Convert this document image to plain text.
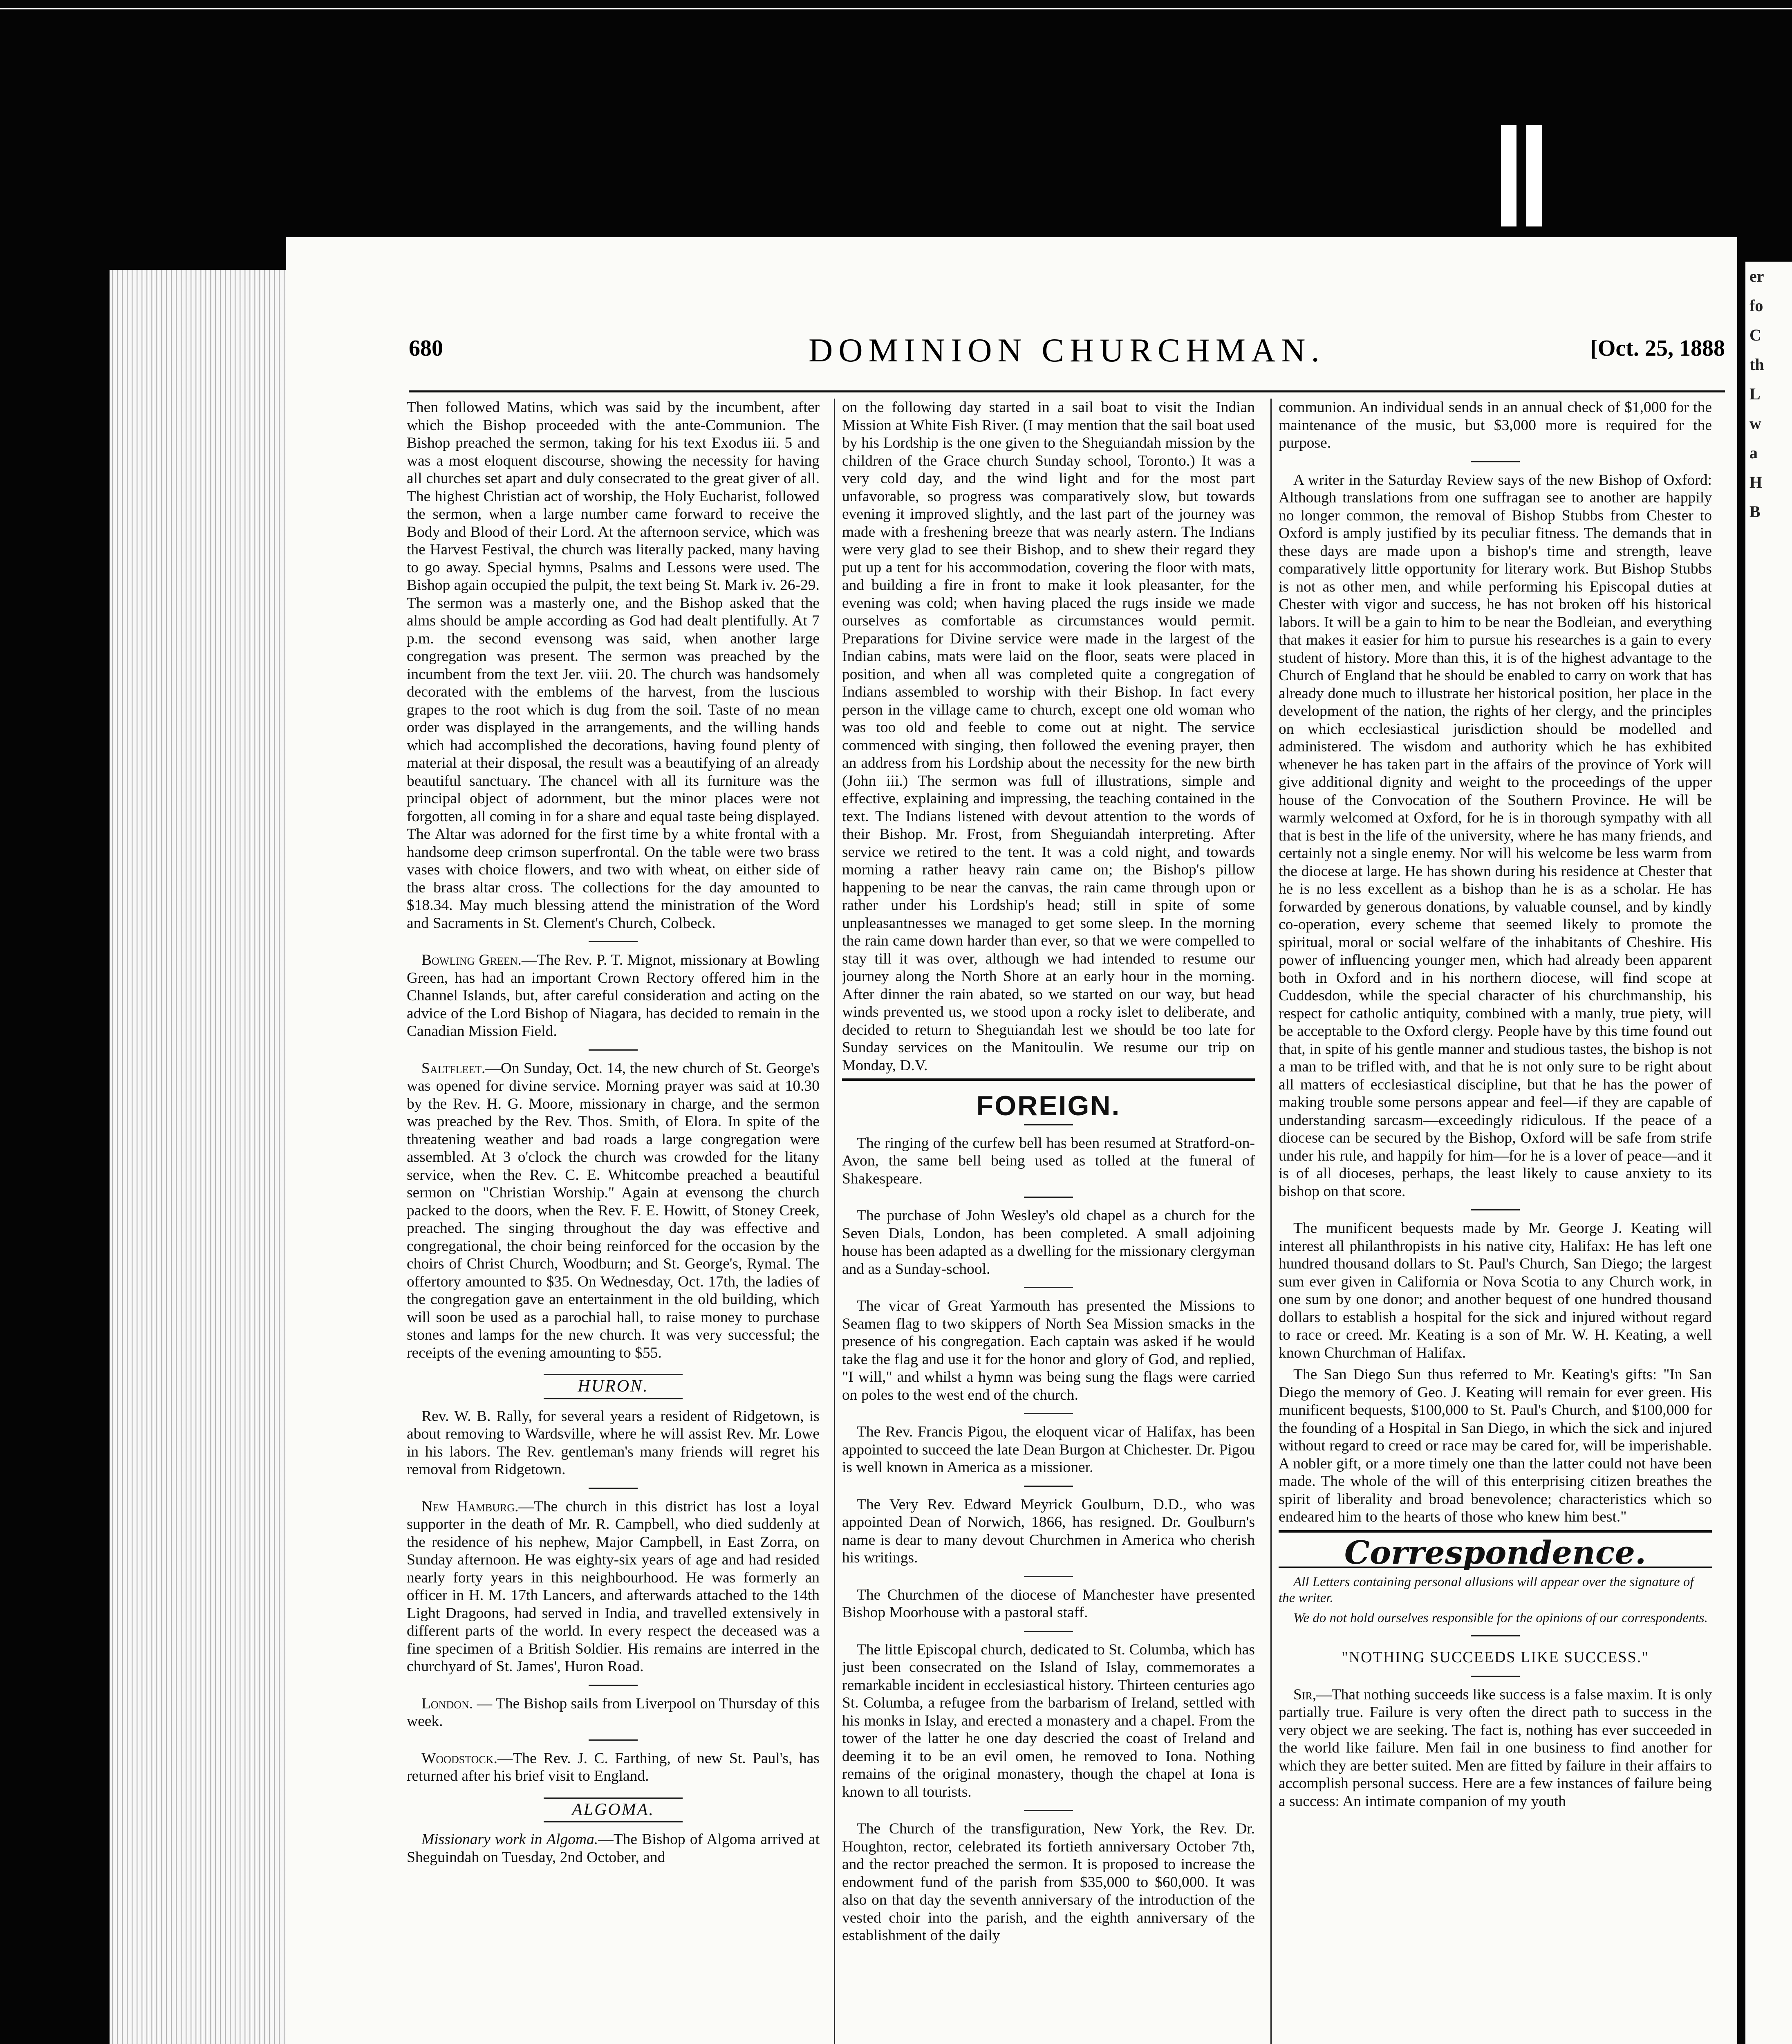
er
fo
C
th
L
w
a
H
B
680	DOMINION CHURCHMAN.	[Oct. 25, 1888

Then followed Matins, which was said by the incumbent, after which the Bishop proceeded with the ante-Communion. The Bishop preached the sermon, taking for his text Exodus iii. 5 and was a most eloquent discourse, showing the necessity for having all churches set apart and duly consecrated to the great giver of all. The highest Christian act of worship, the Holy Eucharist, followed the sermon, when a large number came forward to receive the Body and Blood of their Lord. At the afternoon service, which was the Harvest Festival, the church was literally packed, many having to go away. Special hymns, Psalms and Lessons were used. The Bishop again occupied the pulpit, the text being St. Mark iv. 26-29. The sermon was a masterly one, and the Bishop asked that the alms should be ample according as God had dealt plentifully. At 7 p.m. the second evensong was said, when another large congregation was present. The sermon was preached by the incumbent from the text Jer. viii. 20. The church was handsomely decorated with the emblems of the harvest, from the luscious grapes to the root which is dug from the soil. Taste of no mean order was displayed in the arrangements, and the willing hands which had accomplished the decorations, having found plenty of material at their disposal, the result was a beautifying of an already beautiful sanctuary. The chancel with all its furniture was the principal object of adornment, but the minor places were not forgotten, all coming in for a share and equal taste being displayed. The Altar was adorned for the first time by a white frontal with a handsome deep crimson superfrontal. On the table were two brass vases with choice flowers, and two with wheat, on either side of the brass altar cross. The collections for the day amounted to $18.34. May much blessing attend the ministration of the Word and Sacraments in St. Clement's Church, Colbeck.

Bowling Green.—The Rev. P. T. Mignot, missionary at Bowling Green, has had an important Crown Rectory offered him in the Channel Islands, but, after careful consideration and acting on the advice of the Lord Bishop of Niagara, has decided to remain in the Canadian Mission Field.

Saltfleet.—On Sunday, Oct. 14, the new church of St. George's was opened for divine service. Morning prayer was said at 10.30 by the Rev. H. G. Moore, missionary in charge, and the sermon was preached by the Rev. Thos. Smith, of Elora. In spite of the threatening weather and bad roads a large congregation were assembled. At 3 o'clock the church was crowded for the litany service, when the Rev. C. E. Whitcombe preached a beautiful sermon on "Christian Worship." Again at evensong the church packed to the doors, when the Rev. F. E. Howitt, of Stoney Creek, preached. The singing throughout the day was effective and congregational, the choir being reinforced for the occasion by the choirs of Christ Church, Woodburn; and St. George's, Rymal. The offertory amounted to $35. On Wednesday, Oct. 17th, the ladies of the congregation gave an entertainment in the old building, which will soon be used as a parochial hall, to raise money to purchase stones and lamps for the new church. It was very successful; the receipts of the evening amounting to $55.

HURON.

Rev. W. B. Rally, for several years a resident of Ridgetown, is about removing to Wardsville, where he will assist Rev. Mr. Lowe in his labors. The Rev. gentleman's many friends will regret his removal from Ridgetown.

New Hamburg.—The church in this district has lost a loyal supporter in the death of Mr. R. Campbell, who died suddenly at the residence of his nephew, Major Campbell, in East Zorra, on Sunday afternoon. He was eighty-six years of age and had resided nearly forty years in this neighbourhood. He was formerly an officer in H. M. 17th Lancers, and afterwards attached to the 14th Light Dragoons, had served in India, and travelled extensively in different parts of the world. In every respect the deceased was a fine specimen of a British Soldier. His remains are interred in the churchyard of St. James', Huron Road.

London. — The Bishop sails from Liverpool on Thursday of this week.

Woodstock.—The Rev. J. C. Farthing, of new St. Paul's, has returned after his brief visit to England.

ALGOMA.

Missionary work in Algoma.—The Bishop of Algoma arrived at Sheguindah on Tuesday, 2nd October, and

on the following day started in a sail boat to visit the Indian Mission at White Fish River. (I may mention that the sail boat used by his Lordship is the one given to the Sheguiandah mission by the children of the Grace church Sunday school, Toronto.) It was a very cold day, and the wind light and for the most part unfavorable, so progress was comparatively slow, but towards evening it improved slightly, and the last part of the journey was made with a freshening breeze that was nearly astern. The Indians were very glad to see their Bishop, and to shew their regard they put up a tent for his accommodation, covering the floor with mats, and building a fire in front to make it look pleasanter, for the evening was cold; when having placed the rugs inside we made ourselves as comfortable as circumstances would permit. Preparations for Divine service were made in the largest of the Indian cabins, mats were laid on the floor, seats were placed in position, and when all was completed quite a congregation of Indians assembled to worship with their Bishop. In fact every person in the village came to church, except one old woman who was too old and feeble to come out at night. The service commenced with singing, then followed the evening prayer, then an address from his Lordship about the necessity for the new birth (John iii.) The sermon was full of illustrations, simple and effective, explaining and impressing, the teaching contained in the text. The Indians listened with devout attention to the words of their Bishop. Mr. Frost, from Sheguiandah interpreting. After service we retired to the tent. It was a cold night, and towards morning a rather heavy rain came on; the Bishop's pillow happening to be near the canvas, the rain came through upon or rather under his Lordship's head; still in spite of some unpleasantnesses we managed to get some sleep. In the morning the rain came down harder than ever, so that we were compelled to stay till it was over, although we had intended to resume our journey along the North Shore at an early hour in the morning. After dinner the rain abated, so we started on our way, but head winds prevented us, we stood upon a rocky islet to deliberate, and decided to return to Sheguiandah lest we should be too late for Sunday services on the Manitoulin. We resume our trip on Monday, D.V.

FOREIGN.

The ringing of the curfew bell has been resumed at Stratford-on-Avon, the same bell being used as tolled at the funeral of Shakespeare.

The purchase of John Wesley's old chapel as a church for the Seven Dials, London, has been completed. A small adjoining house has been adapted as a dwelling for the missionary clergyman and as a Sunday-school.

The vicar of Great Yarmouth has presented the Missions to Seamen flag to two skippers of North Sea Mission smacks in the presence of his congregation. Each captain was asked if he would take the flag and use it for the honor and glory of God, and replied, "I will," and whilst a hymn was being sung the flags were carried on poles to the west end of the church.

The Rev. Francis Pigou, the eloquent vicar of Halifax, has been appointed to succeed the late Dean Burgon at Chichester. Dr. Pigou is well known in America as a missioner.

The Very Rev. Edward Meyrick Goulburn, D.D., who was appointed Dean of Norwich, 1866, has resigned. Dr. Goulburn's name is dear to many devout Churchmen in America who cherish his writings.

The Churchmen of the diocese of Manchester have presented Bishop Moorhouse with a pastoral staff.

The little Episcopal church, dedicated to St. Columba, which has just been consecrated on the Island of Islay, commemorates a remarkable incident in ecclesiastical history. Thirteen centuries ago St. Columba, a refugee from the barbarism of Ireland, settled with his monks in Islay, and erected a monastery and a chapel. From the tower of the latter he one day descried the coast of Ireland and deeming it to be an evil omen, he removed to Iona. Nothing remains of the original monastery, though the chapel at Iona is known to all tourists.

The Church of the transfiguration, New York, the Rev. Dr. Houghton, rector, celebrated its fortieth anniversary October 7th, and the rector preached the sermon. It is proposed to increase the endowment fund of the parish from $35,000 to $60,000. It was also on that day the seventh anniversary of the introduction of the vested choir into the parish, and the eighth anniversary of the establishment of the daily

communion. An individual sends in an annual check of $1,000 for the maintenance of the music, but $3,000 more is required for the purpose.

A writer in the Saturday Review says of the new Bishop of Oxford: Although translations from one suffragan see to another are happily no longer common, the removal of Bishop Stubbs from Chester to Oxford is amply justified by its peculiar fitness. The demands that in these days are made upon a bishop's time and strength, leave comparatively little opportunity for literary work. But Bishop Stubbs is not as other men, and while performing his Episcopal duties at Chester with vigor and success, he has not broken off his historical labors. It will be a gain to him to be near the Bodleian, and everything that makes it easier for him to pursue his researches is a gain to every student of history. More than this, it is of the highest advantage to the Church of England that he should be enabled to carry on work that has already done much to illustrate her historical position, her place in the development of the nation, the rights of her clergy, and the principles on which ecclesiastical jurisdiction should be modelled and administered. The wisdom and authority which he has exhibited whenever he has taken part in the affairs of the province of York will give additional dignity and weight to the proceedings of the upper house of the Convocation of the Southern Province. He will be warmly welcomed at Oxford, for he is in thorough sympathy with all that is best in the life of the university, where he has many friends, and certainly not a single enemy. Nor will his welcome be less warm from the diocese at large. He has shown during his residence at Chester that he is no less excellent as a bishop than he is as a scholar. He has forwarded by generous donations, by valuable counsel, and by kindly co-operation, every scheme that seemed likely to promote the spiritual, moral or social welfare of the inhabitants of Cheshire. His power of influencing younger men, which had already been apparent both in Oxford and in his northern diocese, will find scope at Cuddesdon, while the special character of his churchmanship, his respect for catholic antiquity, combined with a manly, true piety, will be acceptable to the Oxford clergy. People have by this time found out that, in spite of his gentle manner and studious tastes, the bishop is not a man to be trifled with, and that he is not only sure to be right about all matters of ecclesiastical discipline, but that he has the power of making trouble some persons appear and feel—if they are capable of understanding sarcasm—exceedingly ridiculous. If the peace of a diocese can be secured by the Bishop, Oxford will be safe from strife under his rule, and happily for him—for he is a lover of peace—and it is of all dioceses, perhaps, the least likely to cause anxiety to its bishop on that score.

The munificent bequests made by Mr. George J. Keating will interest all philanthropists in his native city, Halifax: He has left one hundred thousand dollars to St. Paul's Church, San Diego; the largest sum ever given in California or Nova Scotia to any Church work, in one sum by one donor; and another bequest of one hundred thousand dollars to establish a hospital for the sick and injured without regard to race or creed. Mr. Keating is a son of Mr. W. H. Keating, a well known Churchman of Halifax.

The San Diego Sun thus referred to Mr. Keating's gifts: "In San Diego the memory of Geo. J. Keating will remain for ever green. His munificent bequests, $100,000 to St. Paul's Church, and $100,000 for the founding of a Hospital in San Diego, in which the sick and injured without regard to creed or race may be cared for, will be imperishable. A nobler gift, or a more timely one than the latter could not have been made. The whole of the will of this enterprising citizen breathes the spirit of liberality and broad benevolence; characteristics which so endeared him to the hearts of those who knew him best."

Correspondence.

All Letters containing personal allusions will appear over the signature of the writer.

We do not hold ourselves responsible for the opinions of our correspondents.

"NOTHING SUCCEEDS LIKE SUCCESS."

Sir,—That nothing succeeds like success is a false maxim. It is only partially true. Failure is very often the direct path to success in the very object we are seeking. The fact is, nothing has ever succeeded in the world like failure. Men fail in one business to find another for which they are better suited. Men are fitted by failure in their affairs to accomplish personal success. Here are a few instances of failure being a success: An intimate companion of my youth
